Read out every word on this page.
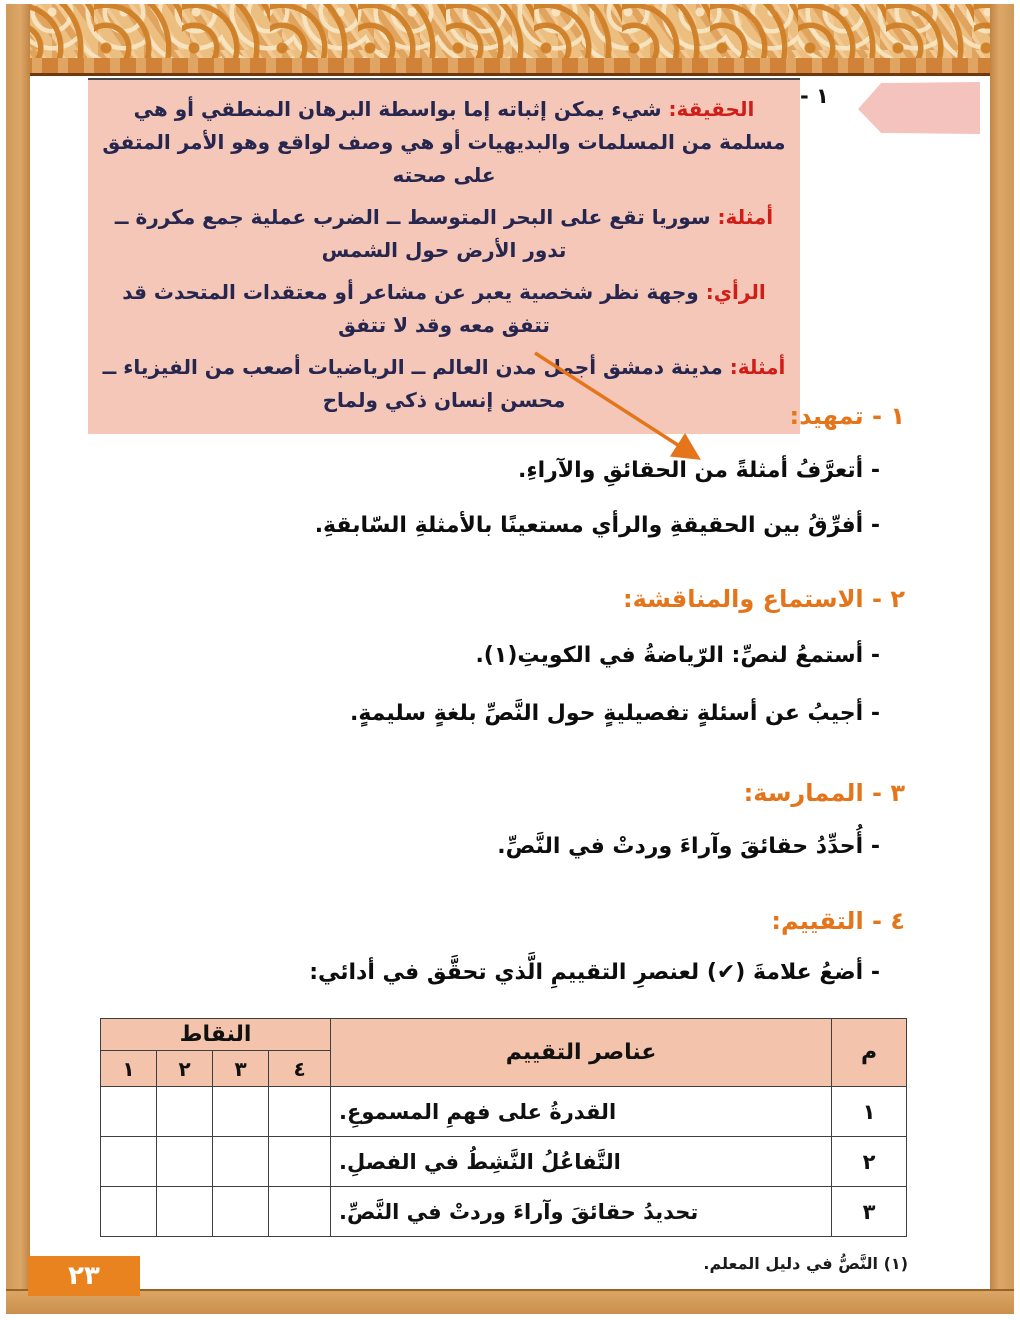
الحقيقة: شيء يمكن إثباته إما بواسطة البرهان المنطقي أو هي مسلمة من المسلمات والبديهيات أو هي وصف لواقع وهو الأمر المتفق على صحته

أمثلة: سوريا تقع على البحر المتوسط ــ الضرب عملية جمع مكررة ــ تدور الأرض حول الشمس

الرأي: وجهة نظر شخصية يعبر عن مشاعر أو معتقدات المتحدث قد تتفق معه وقد لا تتفق

أمثلة: مدينة دمشق أجمل مدن العالم ــ الرياضيات أصعب من الفيزياء ــ محسن إنسان ذكي ولماح

١ -
١ - تمهيد:
- أتعرَّفُ أمثلةً من الحقائقِ والآراءِ.
- أفرِّقُ بين الحقيقةِ والرأي مستعينًا بالأمثلةِ السّابقةِ.
٢ - الاستماع والمناقشة:
- أستمعُ لنصِّ: الرّياضةُ في الكويتِ(١).
- أجيبُ عن أسئلةٍ تفصيليةٍ حول النَّصِّ بلغةٍ سليمةٍ.
٣ - الممارسة:
- أُحدِّدُ حقائقَ وآراءَ وردتْ في النَّصِّ.
٤ - التقييم:
- أضعُ علامةَ (✔) لعنصرِ التقييمِ الَّذي تحقَّق في أدائي:
م	عناصر التقييم	النقاط			
		٤	٣	٢	١
١	القدرةُ على فهمِ المسموعِ.				
٢	التَّفاعُلُ النَّشِطُ في الفصلِ.				
٣	تحديدُ حقائقَ وآراءَ وردتْ في النَّصِّ.				
(١) النَّصُّ في دليل المعلم.
٢٣
